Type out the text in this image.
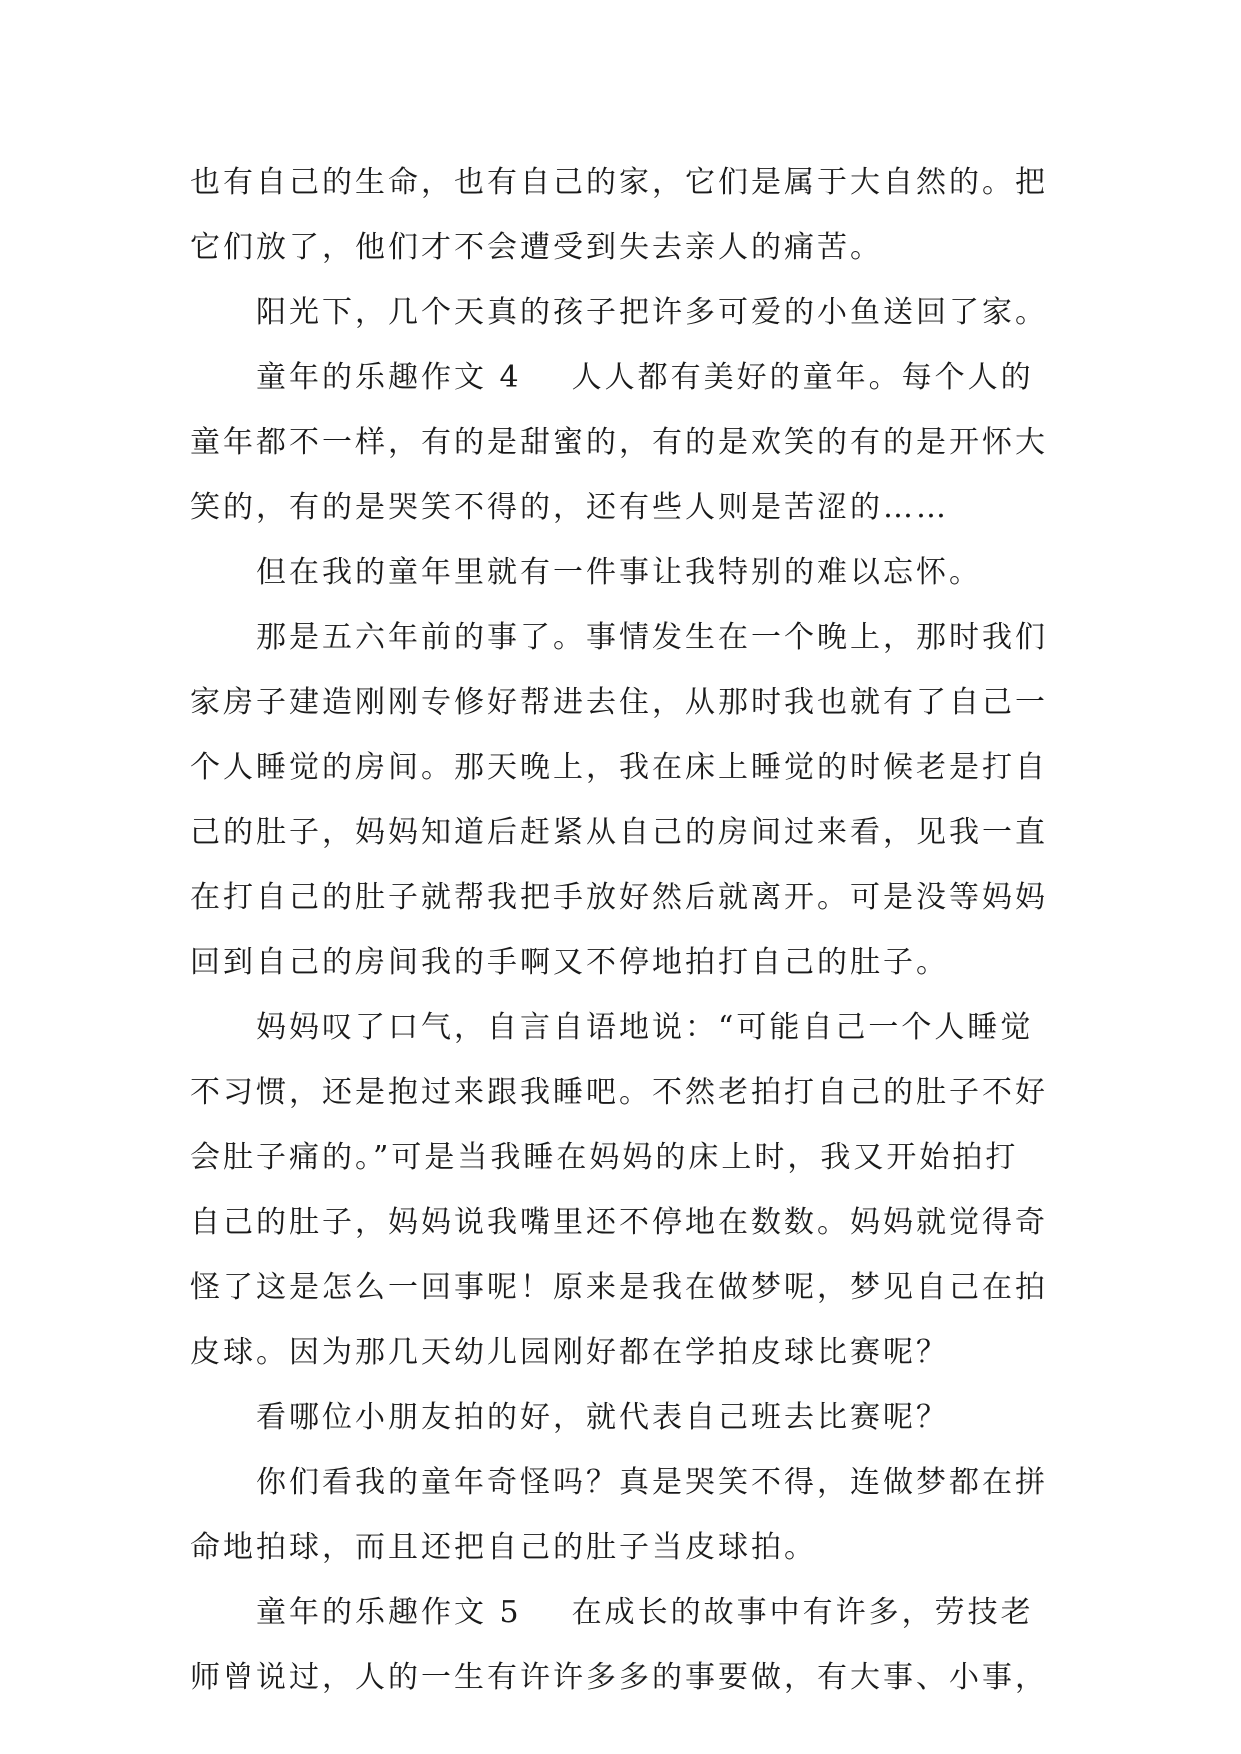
也有自己的生命，也有自己的家，它们是属于大自然的。把
它们放了，他们才不会遭受到失去亲人的痛苦。
阳光下，几个天真的孩子把许多可爱的小鱼送回了家。
童年的乐趣作文 4 人人都有美好的童年。每个人的
童年都不一样，有的是甜蜜的，有的是欢笑的有的是开怀大
笑的，有的是哭笑不得的，还有些人则是苦涩的……
但在我的童年里就有一件事让我特别的难以忘怀。
那是五六年前的事了。事情发生在一个晚上，那时我们
家房子建造刚刚专修好帮进去住，从那时我也就有了自己一
个人睡觉的房间。那天晚上，我在床上睡觉的时候老是打自
己的肚子，妈妈知道后赶紧从自己的房间过来看，见我一直
在打自己的肚子就帮我把手放好然后就离开。可是没等妈妈
回到自己的房间我的手啊又不停地拍打自己的肚子。
妈妈叹了口气，自言自语地说：“可能自己一个人睡觉
不习惯，还是抱过来跟我睡吧。不然老拍打自己的肚子不好
会肚子痛的。”可是当我睡在妈妈的床上时，我又开始拍打
自己的肚子，妈妈说我嘴里还不停地在数数。妈妈就觉得奇
怪了这是怎么一回事呢！原来是我在做梦呢，梦见自己在拍
皮球。因为那几天幼儿园刚好都在学拍皮球比赛呢？
看哪位小朋友拍的好，就代表自己班去比赛呢？
你们看我的童年奇怪吗？真是哭笑不得，连做梦都在拼
命地拍球，而且还把自己的肚子当皮球拍。
童年的乐趣作文 5 在成长的故事中有许多，劳技老
师曾说过，人的一生有许许多多的事要做，有大事、小事，
